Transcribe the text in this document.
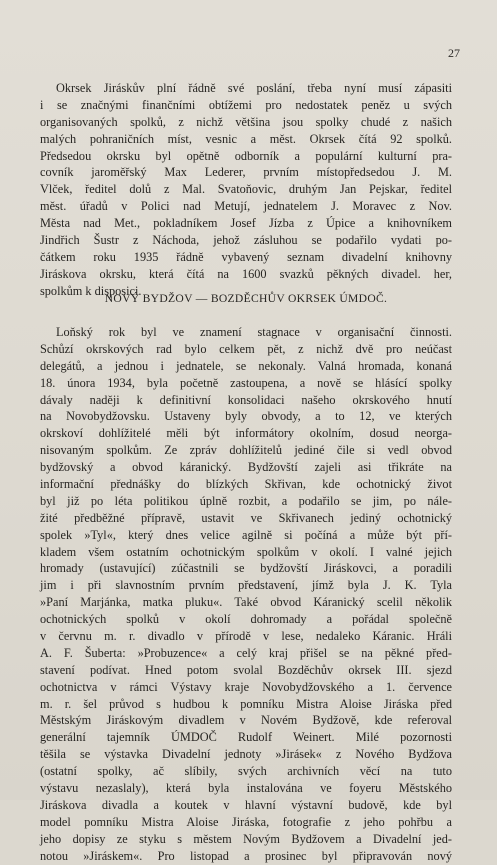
27

Okrsek Jiráskův plní řádně své poslání, třeba nyní musí zápasiti
i se značnými finančními obtížemi pro nedostatek peněz u svých
organisovaných spolků, z nichž většina jsou spolky chudé z našich
malých pohraničních míst, vesnic a měst. Okrsek čítá 92 spolků.
Předsedou okrsku byl opětně odborník a populární kulturní pra-
covník jaroměřský Max Lederer, prvním místopředsedou J. M.
Vlček, ředitel dolů z Mal. Svatoňovic, druhým Jan Pejskar, ředitel
měst. úřadů v Polici nad Metují, jednatelem J. Moravec z Nov.
Města nad Met., pokladníkem Josef Jízba z Úpice a knihovníkem
Jindřich Šustr z Náchoda, jehož zásluhou se podařilo vydati po-
čátkem roku 1935 řádně vybavený seznam divadelní knihovny
Jiráskova okrsku, která čítá na 1600 svazků pěkných divadel. her,
spolkům k disposici.

NOVÝ BYDŽOV — BOZDĚCHŮV OKRSEK ÚMDOČ.

Loňský rok byl ve znamení stagnace v organisační činnosti.
Schůzí okrskových rad bylo celkem pět, z nichž dvě pro neúčast
delegátů, a jednou i jednatele, se nekonaly. Valná hromada, konaná
18. února 1934, byla početně zastoupena, a nově se hlásící spolky
dávaly naději k definitivní konsolidaci našeho okrskového hnutí
na Novobydžovsku. Ustaveny byly obvody, a to 12, ve kterých
okrskoví dohlížitelé měli být informátory okolním, dosud neorga-
nisovaným spolkům. Ze zpráv dohlížitelů jediné čile si vedl obvod
bydžovský a obvod káranický. Bydžovští zajeli asi třikráte na
informační přednášky do blízkých Skřivan, kde ochotnický život
byl již po léta politikou úplně rozbit, a podařilo se jim, po nále-
žité předběžné přípravě, ustavit ve Skřivanech jediný ochotnický
spolek »Tyl«, který dnes velice agilně si počíná a může být pří-
kladem všem ostatním ochotnickým spolkům v okolí. I valné jejich
hromady (ustavující) zúčastnili se bydžovští Jiráskovci, a poradili
jim i při slavnostním prvním představení, jímž byla J. K. Tyla
»Paní Marjánka, matka pluku«. Také obvod Káranický scelil několik
ochotnických spolků v okolí dohromady a pořádal společně
v červnu m. r. divadlo v přírodě v lese, nedaleko Káranic. Hráli
A. F. Šuberta: »Probuzence« a celý kraj přišel se na pěkné před-
stavení podívat. Hned potom svolal Bozděchův okrsek III. sjezd
ochotnictva v rámci Výstavy kraje Novobydžovského a 1. července
m. r. šel průvod s hudbou k pomníku Mistra Aloise Jiráska před
Městským Jiráskovým divadlem v Novém Bydžově, kde referoval
generální tajemník ÚMDOČ Rudolf Weinert. Milé pozornosti
těšila se výstavka Divadelní jednoty »Jirásek« z Nového Bydžova
(ostatní spolky, ač slíbily, svých archivních věcí na tuto
výstavu nezaslaly), která byla instalována ve foyeru Městského
Jiráskova divadla a koutek v hlavní výstavní budově, kde byl
model pomníku Mistra Aloise Jiráska, fotografie z jeho pohřbu a
jeho dopisy ze styku s městem Novým Bydžovem a Divadelní jed-
notou »Jiráskem«. Pro listopad a prosinec byl připravován nový
